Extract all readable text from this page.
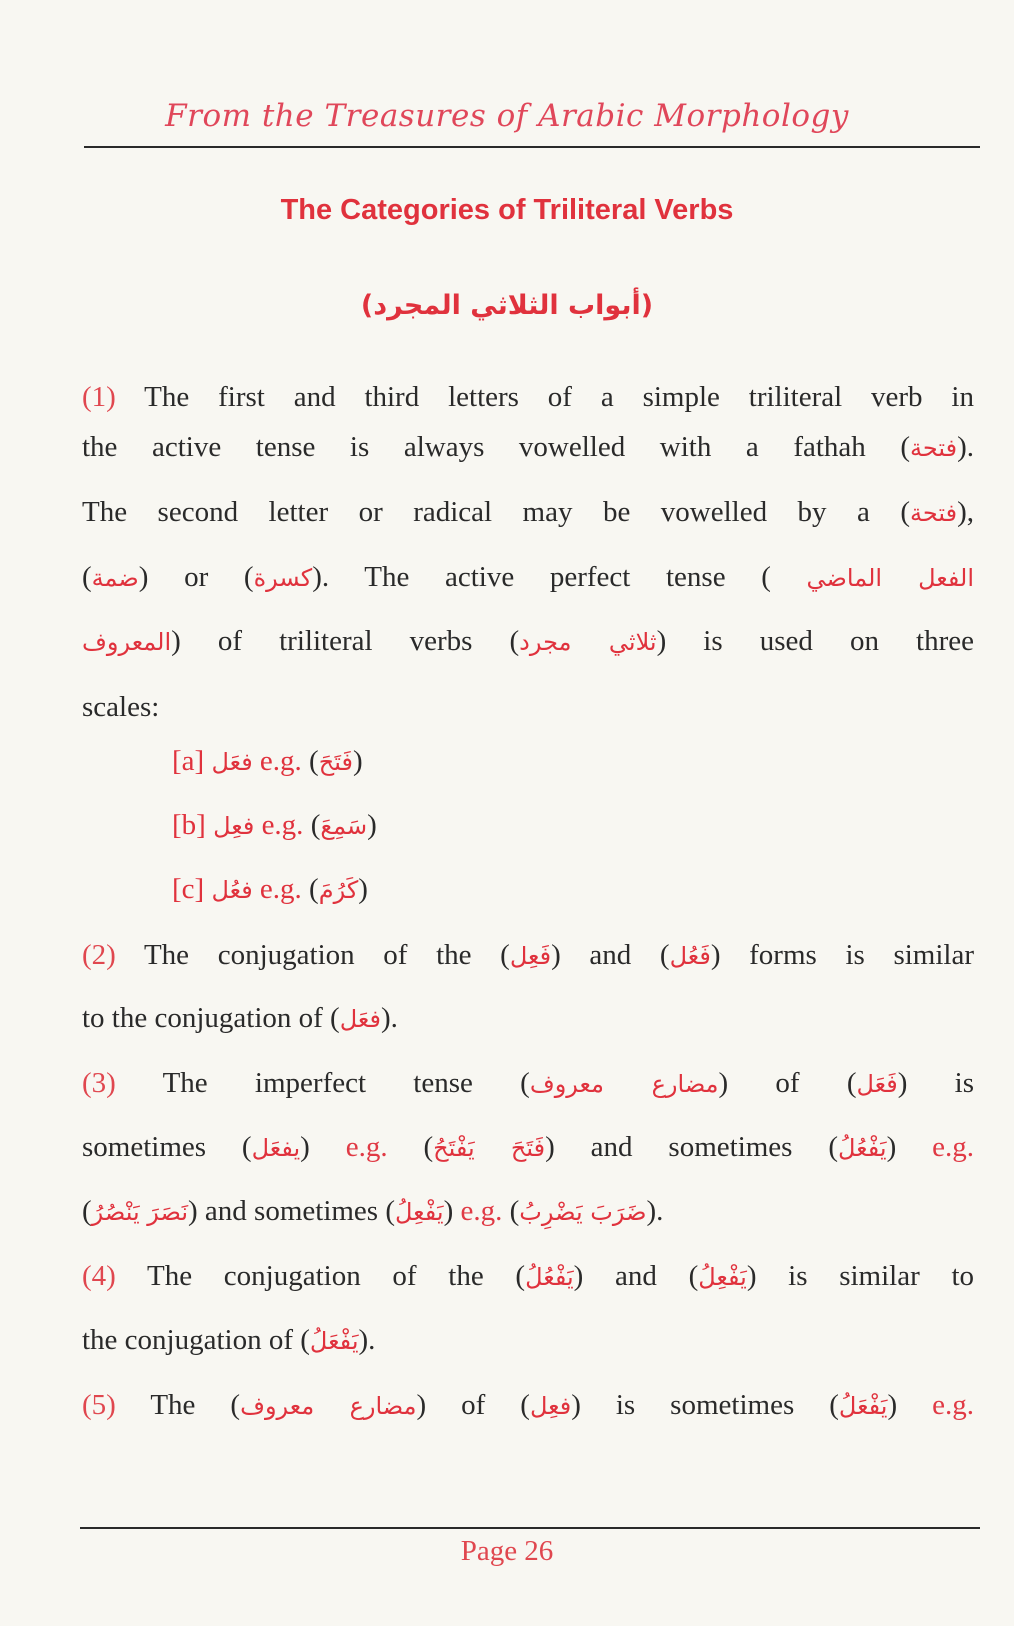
From the Treasures of Arabic Morphology
The Categories of Triliteral Verbs
(أبواب الثلاثي المجرد)
(1) The first and third letters of a simple triliteral verb in
the active tense is always vowelled with a fathah (فتحة).
The second letter or radical may be vowelled by a (فتحة),
(ضمة) or (كسرة). The active perfect tense ( الفعل الماضي
المعروف) of triliteral verbs (ثلاثي مجرد) is used on three
scales:
[a] فعَل e.g. (فَتَحَ)
[b] فعِل e.g. (سَمِعَ)
[c] فعُل e.g. (كَرُمَ)
(2) The conjugation of the (فَعِل) and (فَعُل) forms is similar
to the conjugation of (فعَل).
(3) The imperfect tense (مضارع معروف) of (فَعَل) is
sometimes (يفعَل) e.g. (فَتَحَ يَفْتَحُ) and sometimes (يَفْعُلُ) e.g.
(نَصَرَ يَنْصُرُ) and sometimes (يَفْعِلُ) e.g. (ضَرَبَ يَضْرِبُ).
(4) The conjugation of the (يَفْعُلُ) and (يَفْعِلُ) is similar to
the conjugation of (يَفْعَلُ).
(5) The (مضارع معروف) of (فعِل) is sometimes (يَفْعَلُ) e.g.
Page 26
